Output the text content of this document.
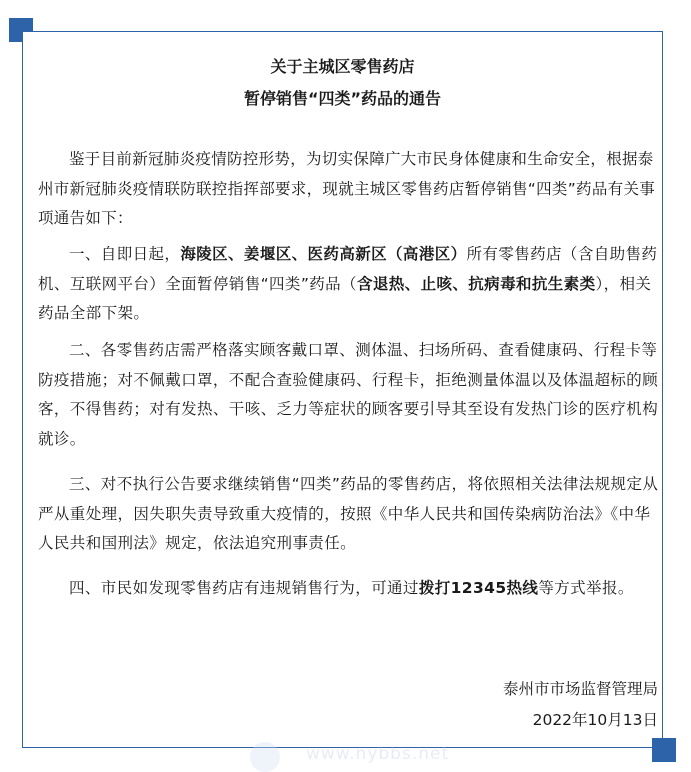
关于主城区零售药店
暂停销售“四类”药品的通告

鉴于目前新冠肺炎疫情防控形势，为切实保障广大市民身体健康和生命安全，根据泰州市新冠肺炎疫情联防联控指挥部要求，现就主城区零售药店暂停销售“四类”药品有关事项通告如下：

一、自即日起，海陵区、姜堰区、医药高新区（高港区）所有零售药店（含自助售药机、互联网平台）全面暂停销售“四类”药品（含退热、止咳、抗病毒和抗生素类），相关药品全部下架。

二、各零售药店需严格落实顾客戴口罩、测体温、扫场所码、查看健康码、行程卡等防疫措施；对不佩戴口罩，不配合查验健康码、行程卡，拒绝测量体温以及体温超标的顾客，不得售药；对有发热、干咳、乏力等症状的顾客要引导其至设有发热门诊的医疗机构就诊。

三、对不执行公告要求继续销售“四类”药品的零售药店，将依照相关法律法规规定从严从重处理，因失职失责导致重大疫情的，按照《中华人民共和国传染病防治法》《中华人民共和国刑法》规定，依法追究刑事责任。

四、市民如发现零售药店有违规销售行为，可通过拨打12345热线等方式举报。

泰州市市场监督管理局

2022年10月13日

www.nybbs.net
